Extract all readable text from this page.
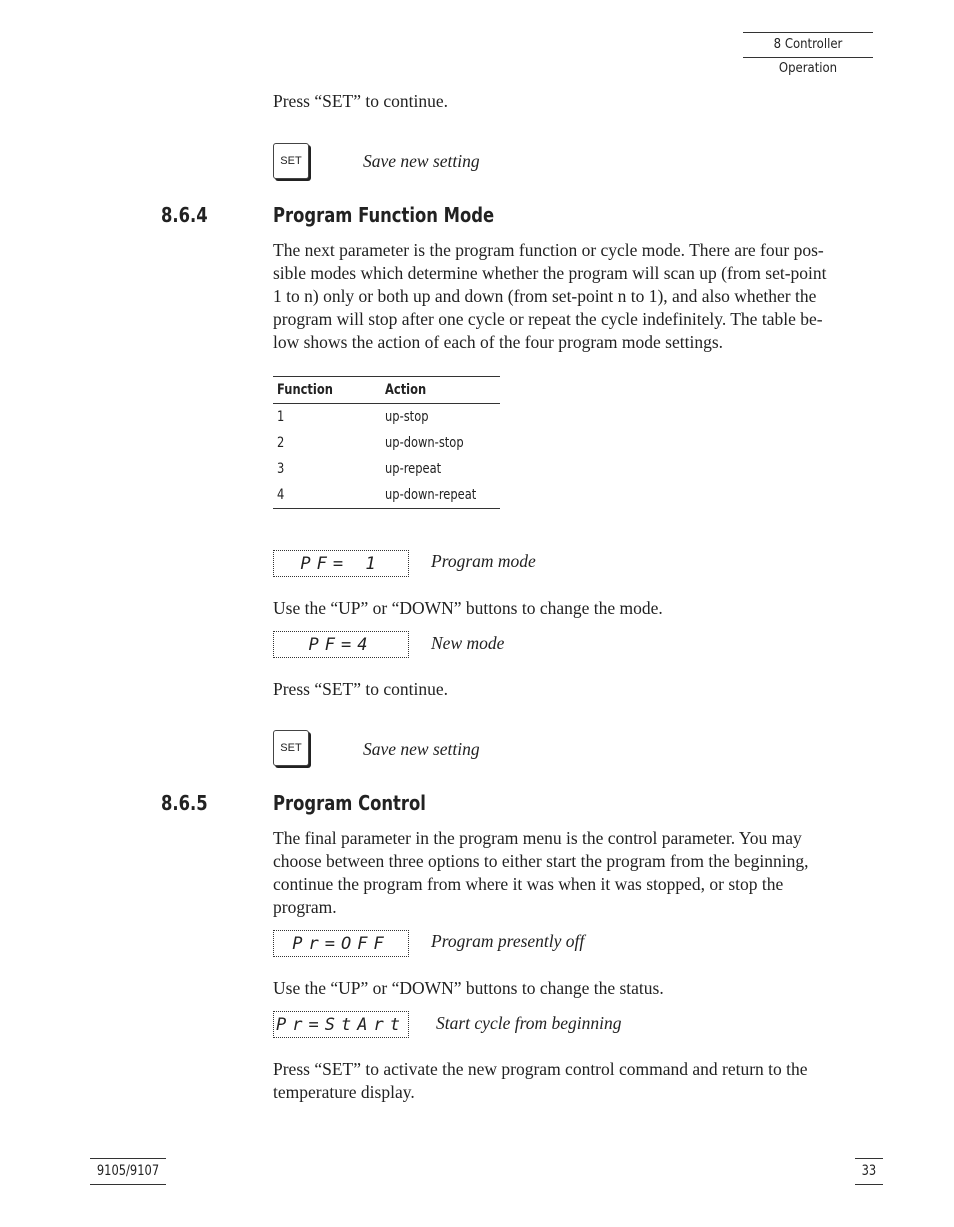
8 Controller Operation
Press “SET” to continue.
SET	Save new setting
8.6.4	Program Function Mode
The next parameter is the program function or cycle mode. There are four pos-
sible modes which determine whether the program will scan up (from set-point
1 to n) only or both up and down (from set-point n to 1), and also whether the
program will stop after one cycle or repeat the cycle indefinitely. The table be-
low shows the action of each of the four program mode settings.
Function	Action
1	up-stop
2	up-down-stop
3	up-repeat
4	up-down-repeat
PF= 1	Program mode
Use the “UP” or “DOWN” buttons to change the mode.
PF=4	New mode
Press “SET” to continue.
SET	Save new setting
8.6.5	Program Control
The final parameter in the program menu is the control parameter. You may
choose between three options to either start the program from the beginning,
continue the program from where it was when it was stopped, or stop the
program.
Pr=OFF	Program presently off
Use the “UP” or “DOWN” buttons to change the status.
Pr=StArt Start cycle from beginning
Press “SET” to activate the new program control command and return to the
temperature display.
9105/9107	33
